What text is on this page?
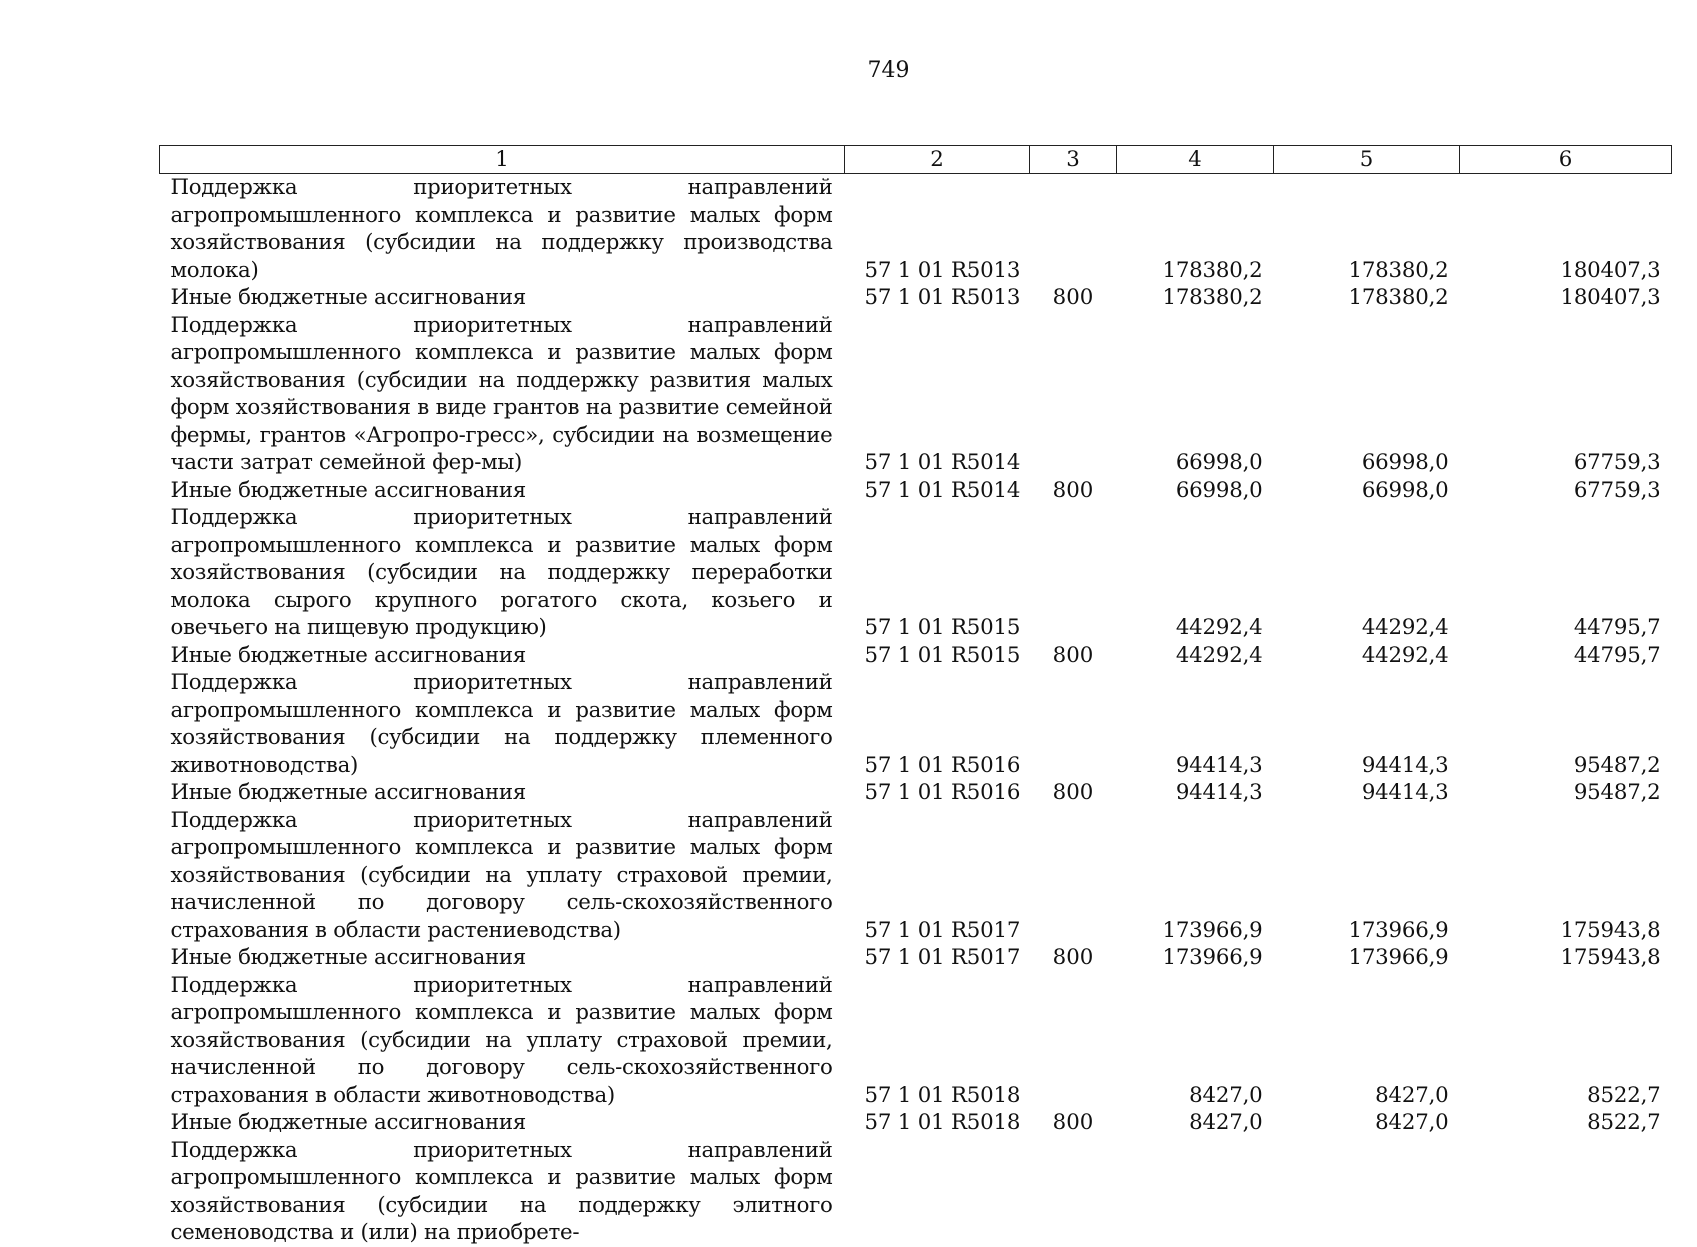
749
1	2	3	4	5	6

Поддержка приоритетных направлений агропромышленного комплекса и развитие малых форм хозяйствования (субсидии на поддержку производства молока)	57 1 01 R5013		178380,2	178380,2	180407,3

Иные бюджетные ассигнования	57 1 01 R5013	800	178380,2	178380,2	180407,3

Поддержка приоритетных направлений агропромышленного комплекса и развитие малых форм хозяйствования (субсидии на поддержку развития малых форм хозяйствования в виде грантов на развитие семейной фермы, грантов «Агропро-гресс», субсидии на возмещение части затрат семейной фер-мы)	57 1 01 R5014		66998,0	66998,0	67759,3

Иные бюджетные ассигнования	57 1 01 R5014	800	66998,0	66998,0	67759,3

Поддержка приоритетных направлений агропромышленного комплекса и развитие малых форм хозяйствования (субсидии на поддержку переработки молока сырого крупного рогатого скота, козьего и овечьего на пищевую продукцию)	57 1 01 R5015		44292,4	44292,4	44795,7

Иные бюджетные ассигнования	57 1 01 R5015	800	44292,4	44292,4	44795,7

Поддержка приоритетных направлений агропромышленного комплекса и развитие малых форм хозяйствования (субсидии на поддержку племенного животноводства)	57 1 01 R5016		94414,3	94414,3	95487,2

Иные бюджетные ассигнования	57 1 01 R5016	800	94414,3	94414,3	95487,2

Поддержка приоритетных направлений агропромышленного комплекса и развитие малых форм хозяйствования (субсидии на уплату страховой премии, начисленной по договору сель-скохозяйственного страхования в области растениеводства)	57 1 01 R5017		173966,9	173966,9	175943,8

Иные бюджетные ассигнования	57 1 01 R5017	800	173966,9	173966,9	175943,8

Поддержка приоритетных направлений агропромышленного комплекса и развитие малых форм хозяйствования (субсидии на уплату страховой премии, начисленной по договору сель-скохозяйственного страхования в области животноводства)	57 1 01 R5018		8427,0	8427,0	8522,7

Иные бюджетные ассигнования	57 1 01 R5018	800	8427,0	8427,0	8522,7

Поддержка приоритетных направлений агропромышленного комплекса и развитие малых форм хозяйствования (субсидии на поддержку элитного семеноводства и (или) на приобрете-					
